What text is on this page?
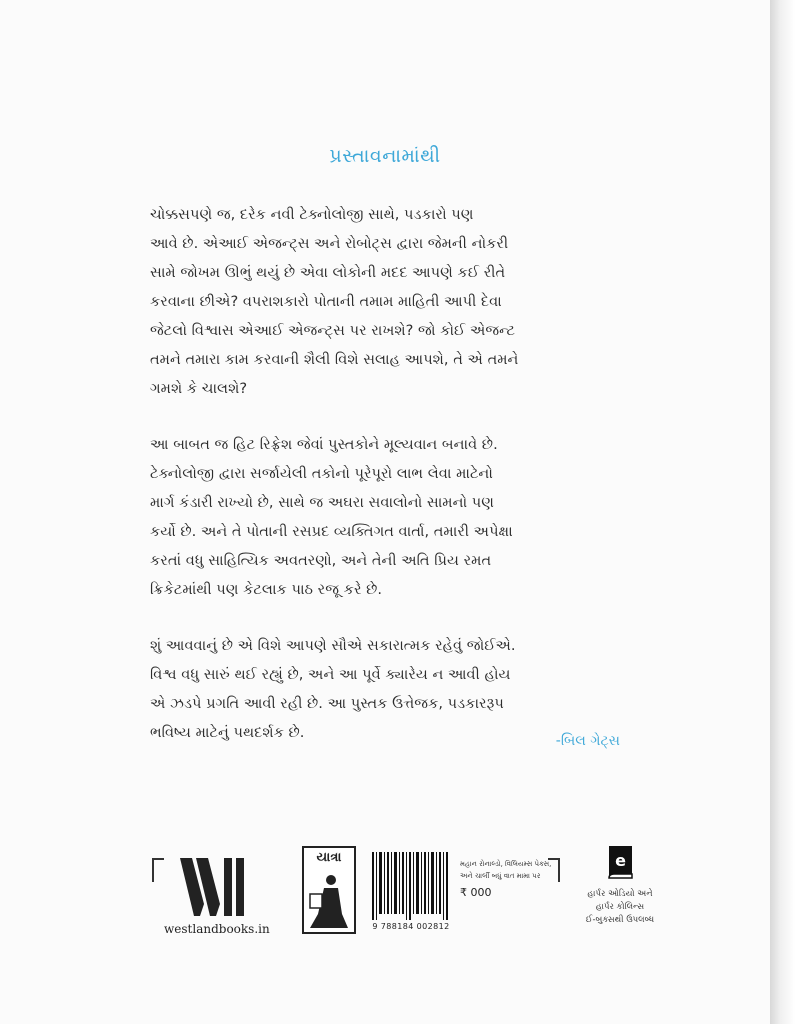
પ્રસ્તાવનામાંથી

ચોક્કસપણે જ, દરેક નવી ટેક્નોલોજી સાથે, પડકારો પણ

આવે છે. એઆઈ એજન્ટ્સ અને રોબોટ્સ દ્વારા જેમની નોકરી

સામે જોખમ ઊભું થયું છે એવા લોકોની મદદ આપણે કઈ રીતે

કરવાના છીએ? વપરાશકારો પોતાની તમામ માહિતી આપી દેવા

જેટલો વિશ્વાસ એઆઈ એજન્ટ્સ પર રાખશે? જો કોઈ એજન્ટ

તમને તમારા કામ કરવાની શૈલી વિશે સલાહ આપશે, તે એ તમને

ગમશે કે ચાલશે?

આ બાબત જ હિટ રિફ્રેશ જેવાં પુસ્તકોને મૂલ્યવાન બનાવે છે.

ટેક્નોલોજી દ્વારા સર્જાયેલી તકોનો પૂરેપૂરો લાભ લેવા માટેનો

માર્ગ કંડારી રાખ્યો છે, સાથે જ અઘરા સવાલોનો સામનો પણ

કર્યો છે. અને તે પોતાની રસપ્રદ વ્યક્તિગત વાર્તા, તમારી અપેક્ષા

કરતાં વધુ સાહિત્યિક અવતરણો, અને તેની અતિ પ્રિય રમત

ક્રિકેટમાંથી પણ કેટલાક પાઠ રજૂ કરે છે.

શું આવવાનું છે એ વિશે આપણે સૌએ સકારાત્મક રહેવું જોઈએ.

વિશ્વ વધુ સારું થઈ રહ્યું છે, અને આ પૂર્વે ક્યારેય ન આવી હોય

એ ઝડપે પ્રગતિ આવી રહી છે. આ પુસ્તક ઉત્તેજક, પડકારરૂપ

ભવિષ્ય માટેનું પથદર્શક છે.	-બિલ ગેટ્સ
westlandbooks.in
યાત્રા
9 788184 002812
મહાન રોનાલ્ડો, વિલિયમ્સ પેક્સ, અને ચાર્લી બધું વાત મામા પર
₹ 000
e
હાર્પર ઓડિયો અને
હાર્પર કોલિન્સ
ઈ-બુક્સથી ઉપલબ્ધ
